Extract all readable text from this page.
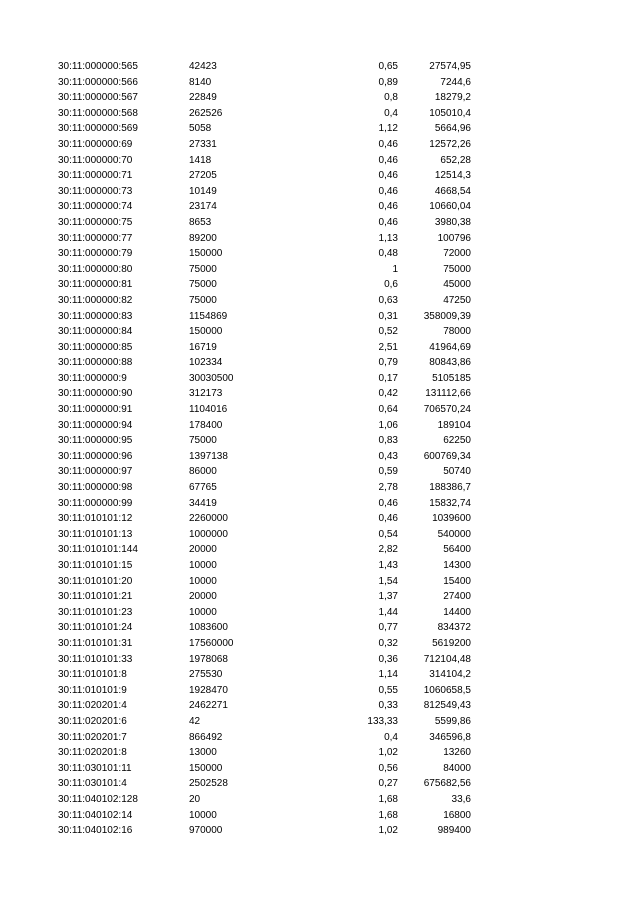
30:11:000000:565	42423	0,65	27574,95
30:11:000000:566	8140	0,89	7244,6
30:11:000000:567	22849	0,8	18279,2
30:11:000000:568	262526	0,4	105010,4
30:11:000000:569	5058	1,12	5664,96
30:11:000000:69	27331	0,46	12572,26
30:11:000000:70	1418	0,46	652,28
30:11:000000:71	27205	0,46	12514,3
30:11:000000:73	10149	0,46	4668,54
30:11:000000:74	23174	0,46	10660,04
30:11:000000:75	8653	0,46	3980,38
30:11:000000:77	89200	1,13	100796
30:11:000000:79	150000	0,48	72000
30:11:000000:80	75000	1	75000
30:11:000000:81	75000	0,6	45000
30:11:000000:82	75000	0,63	47250
30:11:000000:83	1154869	0,31	358009,39
30:11:000000:84	150000	0,52	78000
30:11:000000:85	16719	2,51	41964,69
30:11:000000:88	102334	0,79	80843,86
30:11:000000:9	30030500	0,17	5105185
30:11:000000:90	312173	0,42	131112,66
30:11:000000:91	1104016	0,64	706570,24
30:11:000000:94	178400	1,06	189104
30:11:000000:95	75000	0,83	62250
30:11:000000:96	1397138	0,43	600769,34
30:11:000000:97	86000	0,59	50740
30:11:000000:98	67765	2,78	188386,7
30:11:000000:99	34419	0,46	15832,74
30:11:010101:12	2260000	0,46	1039600
30:11:010101:13	1000000	0,54	540000
30:11:010101:144	20000	2,82	56400
30:11:010101:15	10000	1,43	14300
30:11:010101:20	10000	1,54	15400
30:11:010101:21	20000	1,37	27400
30:11:010101:23	10000	1,44	14400
30:11:010101:24	1083600	0,77	834372
30:11:010101:31	17560000	0,32	5619200
30:11:010101:33	1978068	0,36	712104,48
30:11:010101:8	275530	1,14	314104,2
30:11:010101:9	1928470	0,55	1060658,5
30:11:020201:4	2462271	0,33	812549,43
30:11:020201:6	42	133,33	5599,86
30:11:020201:7	866492	0,4	346596,8
30:11:020201:8	13000	1,02	13260
30:11:030101:11	150000	0,56	84000
30:11:030101:4	2502528	0,27	675682,56
30:11:040102:128	20	1,68	33,6
30:11:040102:14	10000	1,68	16800
30:11:040102:16	970000	1,02	989400
